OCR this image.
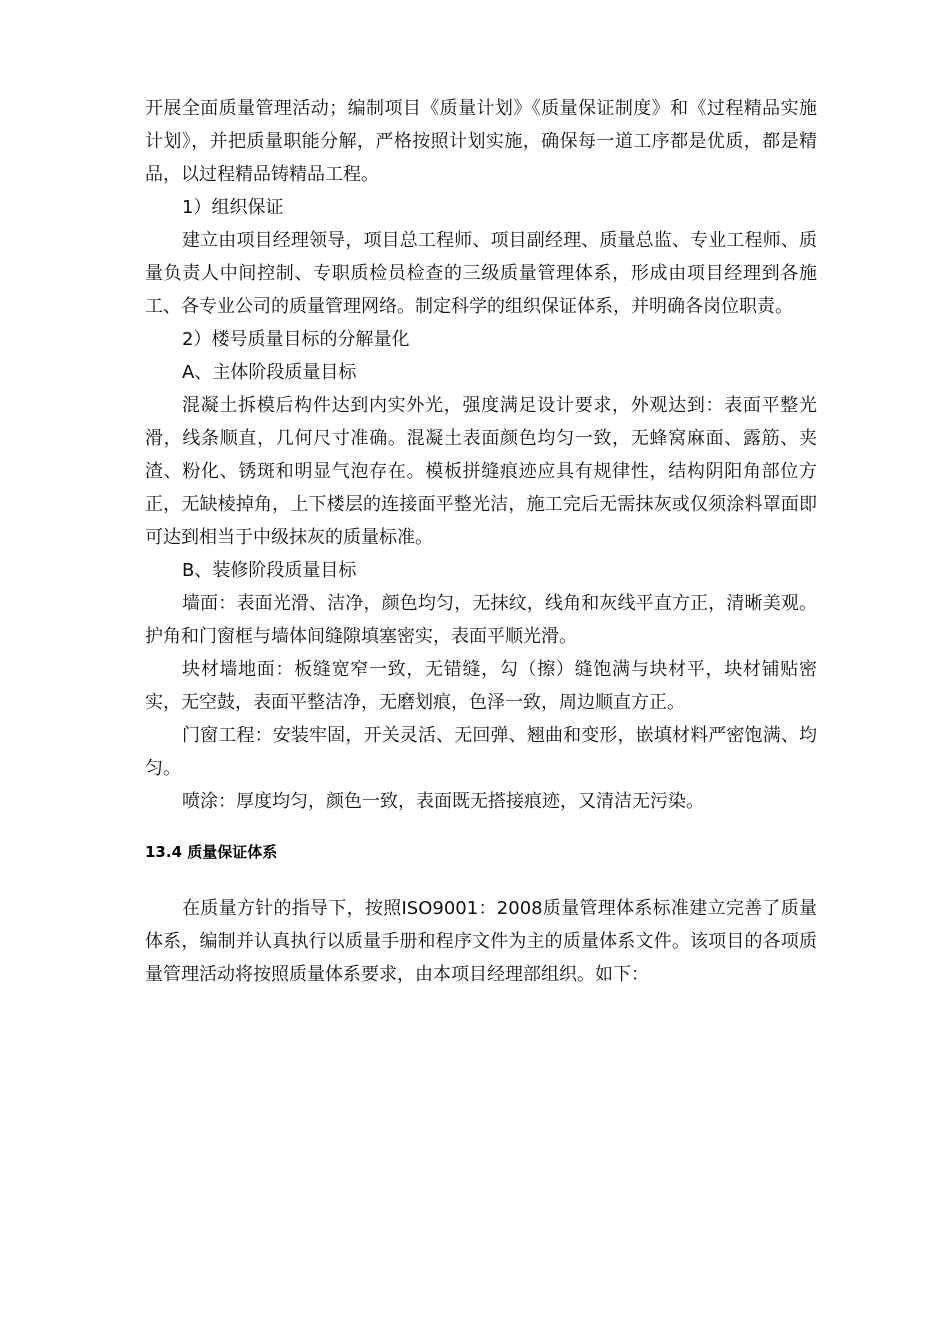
开展全面质量管理活动；编制项目《质量计划》《质量保证制度》和《过程精品实施计划》，并把质量职能分解，严格按照计划实施，确保每一道工序都是优质，都是精品，以过程精品铸精品工程。

1）组织保证

建立由项目经理领导，项目总工程师、项目副经理、质量总监、专业工程师、质量负责人中间控制、专职质检员检查的三级质量管理体系，形成由项目经理到各施工、各专业公司的质量管理网络。制定科学的组织保证体系，并明确各岗位职责。

2）楼号质量目标的分解量化

A、主体阶段质量目标

混凝土拆模后构件达到内实外光，强度满足设计要求，外观达到：表面平整光滑，线条顺直，几何尺寸准确。混凝土表面颜色均匀一致，无蜂窝麻面、露筋、夹渣、粉化、锈斑和明显气泡存在。模板拼缝痕迹应具有规律性，结构阴阳角部位方正，无缺棱掉角，上下楼层的连接面平整光洁，施工完后无需抹灰或仅须涂料罩面即可达到相当于中级抹灰的质量标准。

B、装修阶段质量目标

墙面：表面光滑、洁净，颜色均匀，无抹纹，线角和灰线平直方正，清晰美观。护角和门窗框与墙体间缝隙填塞密实，表面平顺光滑。

块材墙地面：板缝宽窄一致，无错缝，勾（擦）缝饱满与块材平，块材铺贴密实，无空鼓，表面平整洁净，无磨划痕，色泽一致，周边顺直方正。

门窗工程：安装牢固，开关灵活、无回弹、翘曲和变形，嵌填材料严密饱满、均匀。

喷涂：厚度均匀，颜色一致，表面既无搭接痕迹，又清洁无污染。

13.4 质量保证体系

在质量方针的指导下，按照ISO9001：2008质量管理体系标准建立完善了质量体系，编制并认真执行以质量手册和程序文件为主的质量体系文件。该项目的各项质量管理活动将按照质量体系要求，由本项目经理部组织。如下：
